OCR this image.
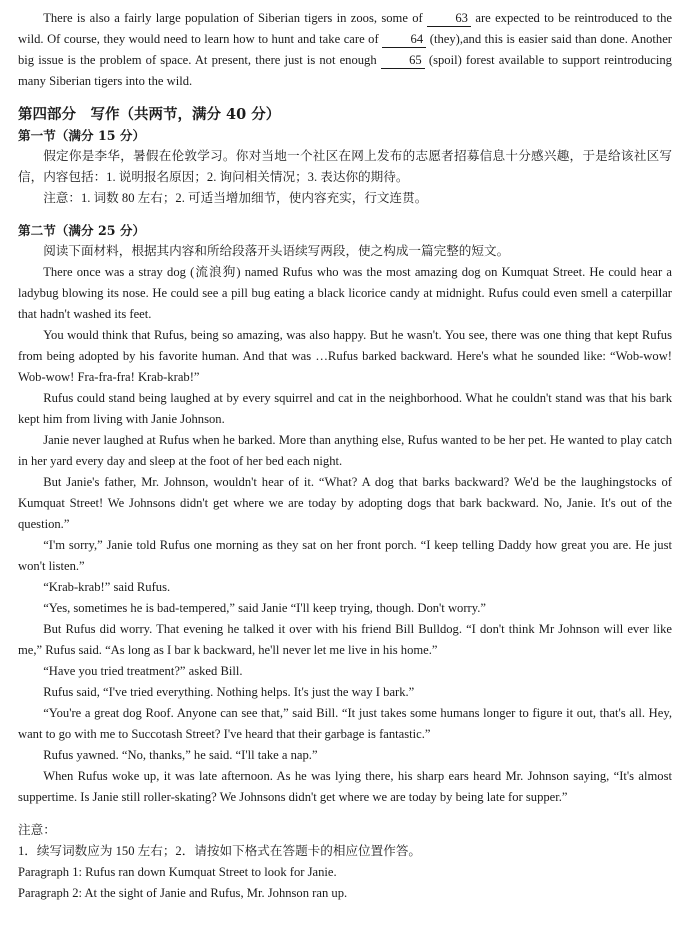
There is also a fairly large population of Siberian tigers in zoos, some of 63 are expected to be reintroduced to the wild. Of course, they would need to learn how to hunt and take care of 64 (they),and this is easier said than done. Another big issue is the problem of space. At present, there just is not enough 65 (spoil) forest available to support reintroducing many Siberian tigers into the wild.

第四部分　写作（共两节，满分 40 分）

第一节（满分 15 分）

假定你是李华，暑假在伦敦学习。你对当地一个社区在网上发布的志愿者招募信息十分感兴趣，于是给该社区写信，内容包括：1. 说明报名原因；2. 询问相关情况；3. 表达你的期待。

注意：1. 词数 80 左右；2. 可适当增加细节，使内容充实，行文连贯。

第二节（满分 25 分）

阅读下面材料，根据其内容和所给段落开头语续写两段，使之构成一篇完整的短文。

There once was a stray dog (流浪狗) named Rufus who was the most amazing dog on Kumquat Street. He could hear a ladybug blowing its nose. He could see a pill bug eating a black licorice candy at midnight. Rufus could even smell a caterpillar that hadn't washed its feet.

You would think that Rufus, being so amazing, was also happy. But he wasn't. You see, there was one thing that kept Rufus from being adopted by his favorite human. And that was …Rufus barked backward. Here's what he sounded like: “Wob-wow! Wob-wow! Fra-fra-fra! Krab-krab!”

Rufus could stand being laughed at by every squirrel and cat in the neighborhood. What he couldn't stand was that his bark kept him from living with Janie Johnson.

Janie never laughed at Rufus when he barked. More than anything else, Rufus wanted to be her pet. He wanted to play catch in her yard every day and sleep at the foot of her bed each night.

But Janie's father, Mr. Johnson, wouldn't hear of it. “What? A dog that barks backward? We'd be the laughingstocks of Kumquat Street! We Johnsons didn't get where we are today by adopting dogs that bark backward. No, Janie. It's out of the question.”

“I'm sorry,” Janie told Rufus one morning as they sat on her front porch. “I keep telling Daddy how great you are. He just won't listen.”

“Krab-krab!” said Rufus.

“Yes, sometimes he is bad-tempered,” said Janie “I'll keep trying, though. Don't worry.”

But Rufus did worry. That evening he talked it over with his friend Bill Bulldog. “I don't think Mr Johnson will ever like me,” Rufus said. “As long as I bar k backward, he'll never let me live in his home.”

“Have you tried treatment?” asked Bill.

Rufus said, “I've tried everything. Nothing helps. It's just the way I bark.”

“You're a great dog Roof. Anyone can see that,” said Bill. “It just takes some humans longer to figure it out, that's all. Hey, want to go with me to Succotash Street? I've heard that their garbage is fantastic.”

Rufus yawned. “No, thanks,” he said. “I'll take a nap.”

When Rufus woke up, it was late afternoon. As he was lying there, his sharp ears heard Mr. Johnson saying, “It's almost suppertime. Is Janie still roller-skating? We Johnsons didn't get where we are today by being late for supper.”

注意：

1．续写词数应为 150 左右；2．请按如下格式在答题卡的相应位置作答。

Paragraph 1: Rufus ran down Kumquat Street to look for Janie.

Paragraph 2: At the sight of Janie and Rufus, Mr. Johnson ran up.
